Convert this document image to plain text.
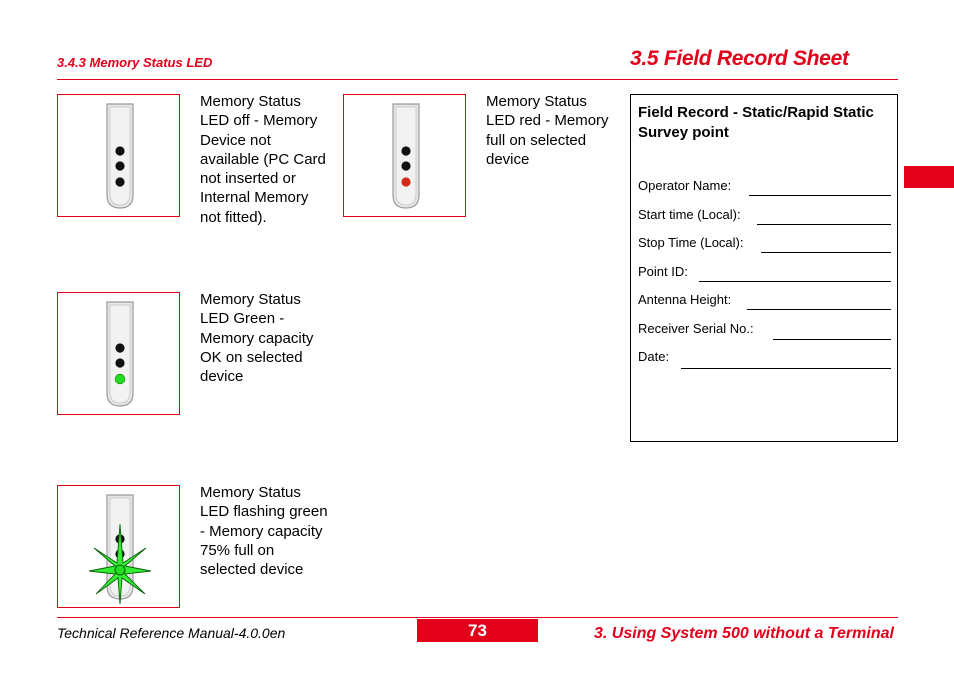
3.4.3 Memory Status LED	3.5 Field Record Sheet
Memory Status LED off - Memory Device not available (PC Card not inserted or Internal Memory not fitted).
Memory Status LED red - Memory full on selected device
Memory Status LED Green - Memory capacity OK on selected device
Memory Status LED flashing green - Memory capacity 75% full on selected device
Field Record - Static/Rapid Static Survey point
Operator Name:
Start time (Local):
Stop Time (Local):
Point ID:
Antenna Height:
Receiver Serial No.:
Date:
Technical Reference Manual-4.0.0en	73	3. Using System 500 without a Terminal
